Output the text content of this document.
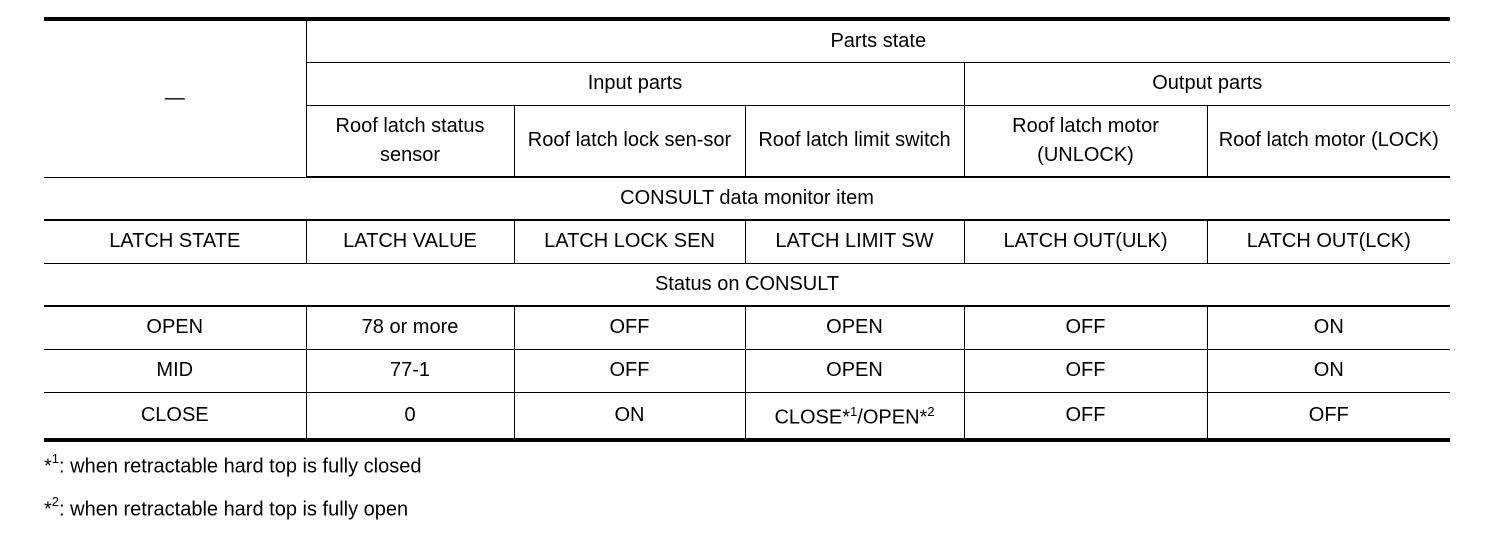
—	Parts state				
	Input parts			Output parts	
	Roof latch status sensor	Roof latch lock sen-sor	Roof latch limit switch	Roof latch motor (UNLOCK)	Roof latch motor (LOCK)
CONSULT data monitor item					
LATCH STATE	LATCH VALUE	LATCH LOCK SEN	LATCH LIMIT SW	LATCH OUT(ULK)	LATCH OUT(LCK)
Status on CONSULT					
OPEN	78 or more	OFF	OPEN	OFF	ON
MID	77-1	OFF	OPEN	OFF	ON
CLOSE	0	ON	CLOSE*$^1$/OPEN*$^2$	OFF	OFF
*$^1$: when retractable hard top is fully closed
*$^2$: when retractable hard top is fully open
